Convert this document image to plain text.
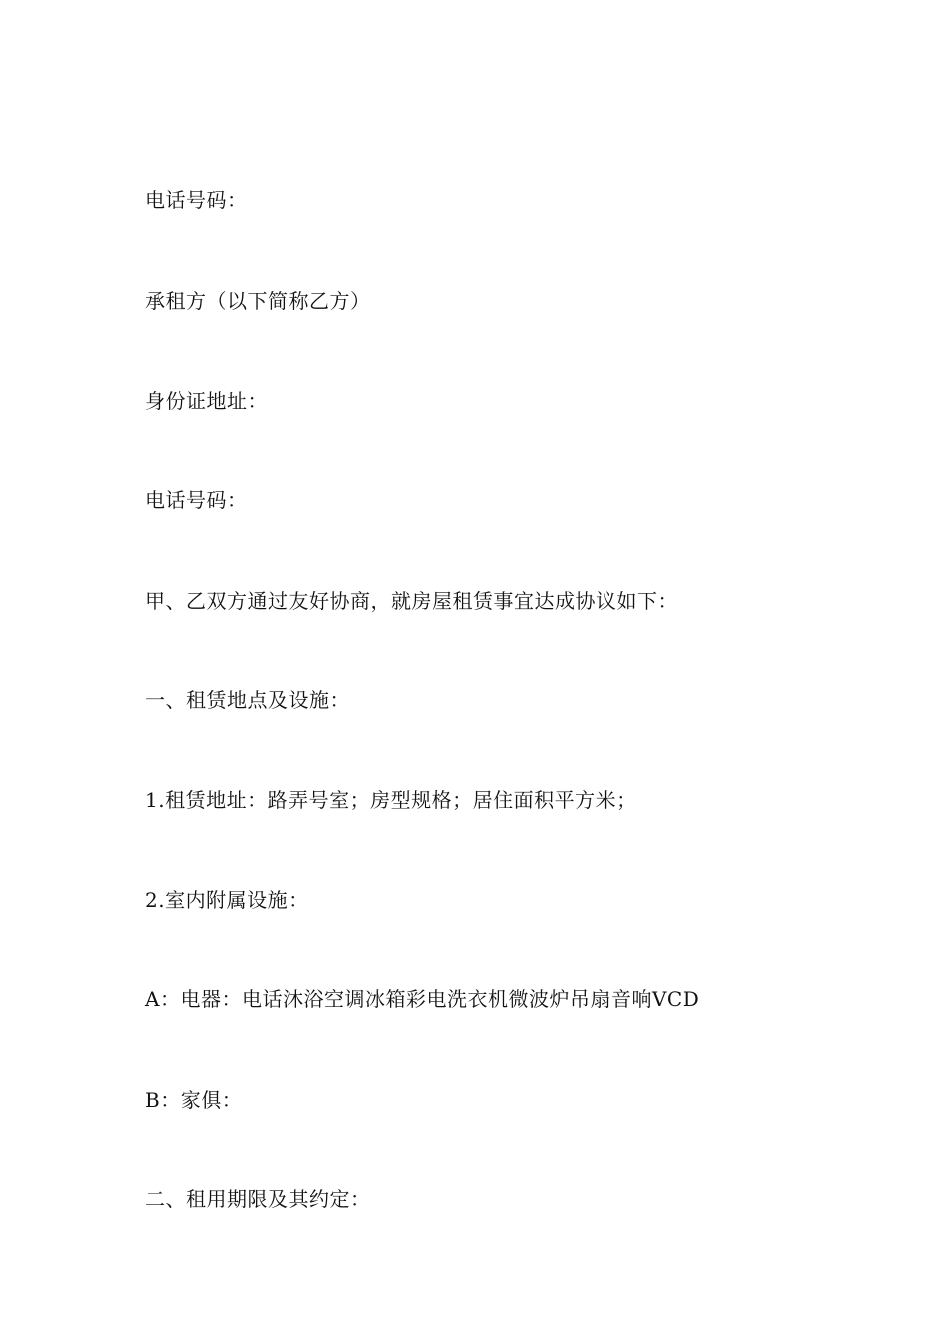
电话号码：
承租方（以下简称乙方）
身份证地址：
电话号码：
甲、乙双方通过友好协商，就房屋租赁事宜达成协议如下：
一、租赁地点及设施：
1.租赁地址：路弄号室；房型规格；居住面积平方米；
2.室内附属设施：
A：电器：电话沐浴空调冰箱彩电洗衣机微波炉吊扇音响VCD
B：家俱：
二、租用期限及其约定：
